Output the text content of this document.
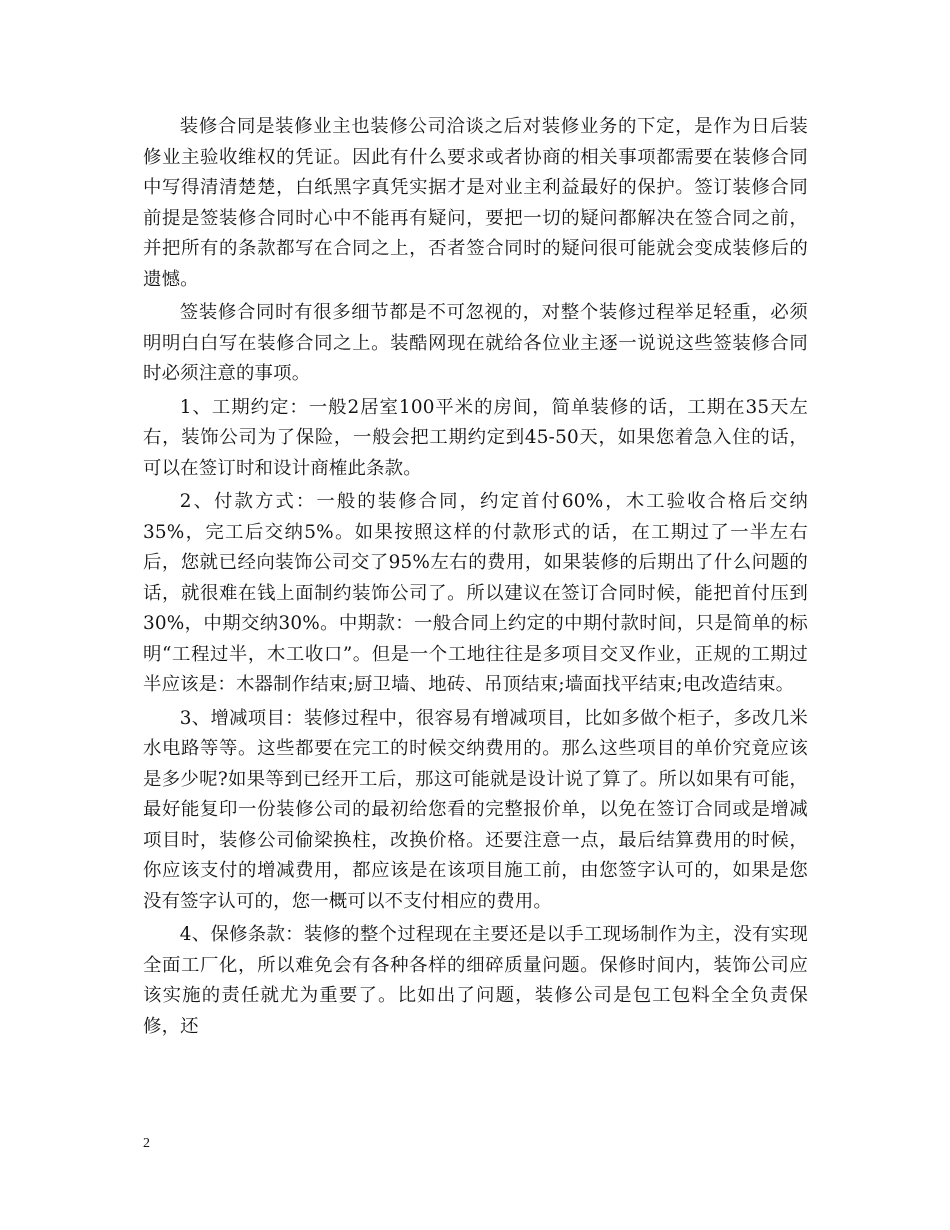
装修合同是装修业主也装修公司洽谈之后对装修业务的下定，是作为日后装修业主验收维权的凭证。因此有什么要求或者协商的相关事项都需要在装修合同中写得清清楚楚，白纸黑字真凭实据才是对业主利益最好的保护。签订装修合同前提是签装修合同时心中不能再有疑问，要把一切的疑问都解决在签合同之前，并把所有的条款都写在合同之上，否者签合同时的疑问很可能就会变成装修后的遗憾。

签装修合同时有很多细节都是不可忽视的，对整个装修过程举足轻重，必须明明白白写在装修合同之上。装酷网现在就给各位业主逐一说说这些签装修合同时必须注意的事项。

1、工期约定：一般2居室100平米的房间，简单装修的话，工期在35天左右，装饰公司为了保险，一般会把工期约定到45-50天，如果您着急入住的话，可以在签订时和设计商榷此条款。

2、付款方式：一般的装修合同，约定首付60%，木工验收合格后交纳35%，完工后交纳5%。如果按照这样的付款形式的话，在工期过了一半左右后，您就已经向装饰公司交了95%左右的费用，如果装修的后期出了什么问题的话，就很难在钱上面制约装饰公司了。所以建议在签订合同时候，能把首付压到30%，中期交纳30%。中期款：一般合同上约定的中期付款时间，只是简单的标明“工程过半，木工收口”。但是一个工地往往是多项目交叉作业，正规的工期过半应该是：木器制作结束;厨卫墙、地砖、吊顶结束;墙面找平结束;电改造结束。

3、增减项目：装修过程中，很容易有增减项目，比如多做个柜子，多改几米水电路等等。这些都要在完工的时候交纳费用的。那么这些项目的单价究竟应该是多少呢?如果等到已经开工后，那这可能就是设计说了算了。所以如果有可能，最好能复印一份装修公司的最初给您看的完整报价单，以免在签订合同或是增减项目时，装修公司偷梁换柱，改换价格。还要注意一点，最后结算费用的时候，你应该支付的增减费用，都应该是在该项目施工前，由您签字认可的，如果是您没有签字认可的，您一概可以不支付相应的费用。

4、保修条款：装修的整个过程现在主要还是以手工现场制作为主，没有实现全面工厂化，所以难免会有各种各样的细碎质量问题。保修时间内，装饰公司应该实施的责任就尤为重要了。比如出了问题，装修公司是包工包料全全负责保修，还

2
